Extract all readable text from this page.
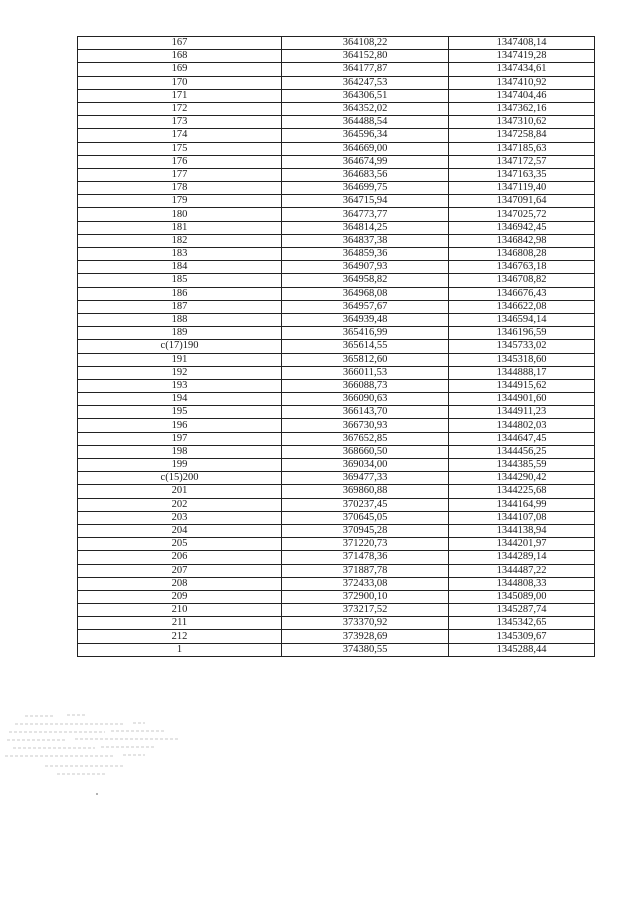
167	364108,22	1347408,14
168	364152,80	1347419,28
169	364177,87	1347434,61
170	364247,53	1347410,92
171	364306,51	1347404,46
172	364352,02	1347362,16
173	364488,54	1347310,62
174	364596,34	1347258,84
175	364669,00	1347185,63
176	364674,99	1347172,57
177	364683,56	1347163,35
178	364699,75	1347119,40
179	364715,94	1347091,64
180	364773,77	1347025,72
181	364814,25	1346942,45
182	364837,38	1346842,98
183	364859,36	1346808,28
184	364907,93	1346763,18
185	364958,82	1346708,82
186	364968,08	1346676,43
187	364957,67	1346622,08
188	364939,48	1346594,14
189	365416,99	1346196,59
с(17)190	365614,55	1345733,02
191	365812,60	1345318,60
192	366011,53	1344888,17
193	366088,73	1344915,62
194	366090,63	1344901,60
195	366143,70	1344911,23
196	366730,93	1344802,03
197	367652,85	1344647,45
198	368660,50	1344456,25
199	369034,00	1344385,59
с(15)200	369477,33	1344290,42
201	369860,88	1344225,68
202	370237,45	1344164,99
203	370645,05	1344107,08
204	370945,28	1344138,94
205	371220,73	1344201,97
206	371478,36	1344289,14
207	371887,78	1344487,22
208	372433,08	1344808,33
209	372900,10	1345089,00
210	373217,52	1345287,74
211	373370,92	1345342,65
212	373928,69	1345309,67
1	374380,55	1345288,44
